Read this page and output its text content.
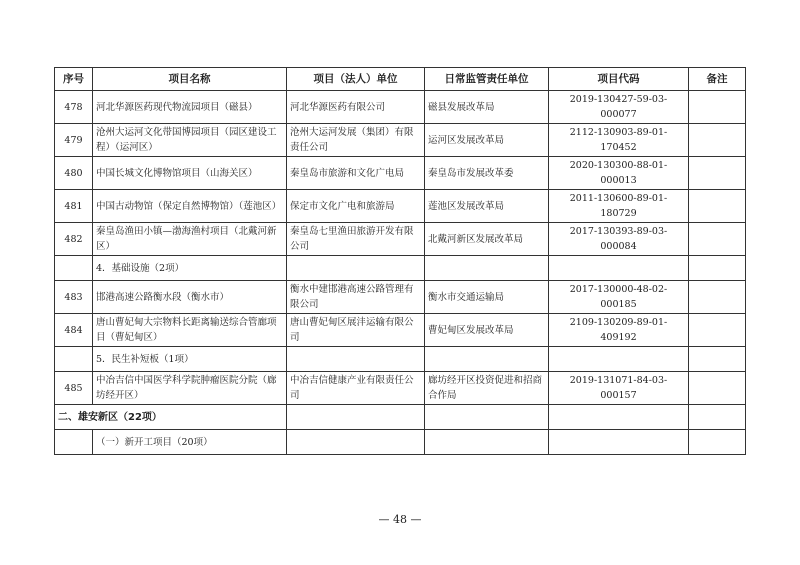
序号	项目名称	项目（法人）单位	日常监管责任单位	项目代码	备注
478	河北华源医药现代物流园项目（磁县）	河北华源医药有限公司	磁县发展改革局	2019-130427-59-03-000077	
479	沧州大运河文化带国博园项目（园区建设工程）（运河区）	沧州大运河发展（集团）有限责任公司	运河区发展改革局	2112-130903-89-01-170452	
480	中国长城文化博物馆项目（山海关区）	秦皇岛市旅游和文化广电局	秦皇岛市发展改革委	2020-130300-88-01-000013	
481	中国古动物馆（保定自然博物馆）（莲池区）	保定市文化广电和旅游局	莲池区发展改革局	2011-130600-89-01-180729	
482	秦皇岛渔田小镇—渤海渔村项目（北戴河新区）	秦皇岛七里渔田旅游开发有限公司	北戴河新区发展改革局	2017-130393-89-03-000084	
	4．基础设施（2项）				
483	邯港高速公路衡水段（衡水市）	衡水中建邯港高速公路管理有限公司	衡水市交通运输局	2017-130000-48-02-000185	
484	唐山曹妃甸大宗物料长距离输送综合管廊项目（曹妃甸区）	唐山曹妃甸区展沣运输有限公司	曹妃甸区发展改革局	2109-130209-89-01-409192	
	5．民生补短板（1项）				
485	中冶吉信中国医学科学院肿瘤医院分院（廊坊经开区）	中冶吉信健康产业有限责任公司	廊坊经开区投资促进和招商合作局	2019-131071-84-03-000157	
二、雄安新区（22项）					
	（一）新开工项目（20项）				
— 48 —
